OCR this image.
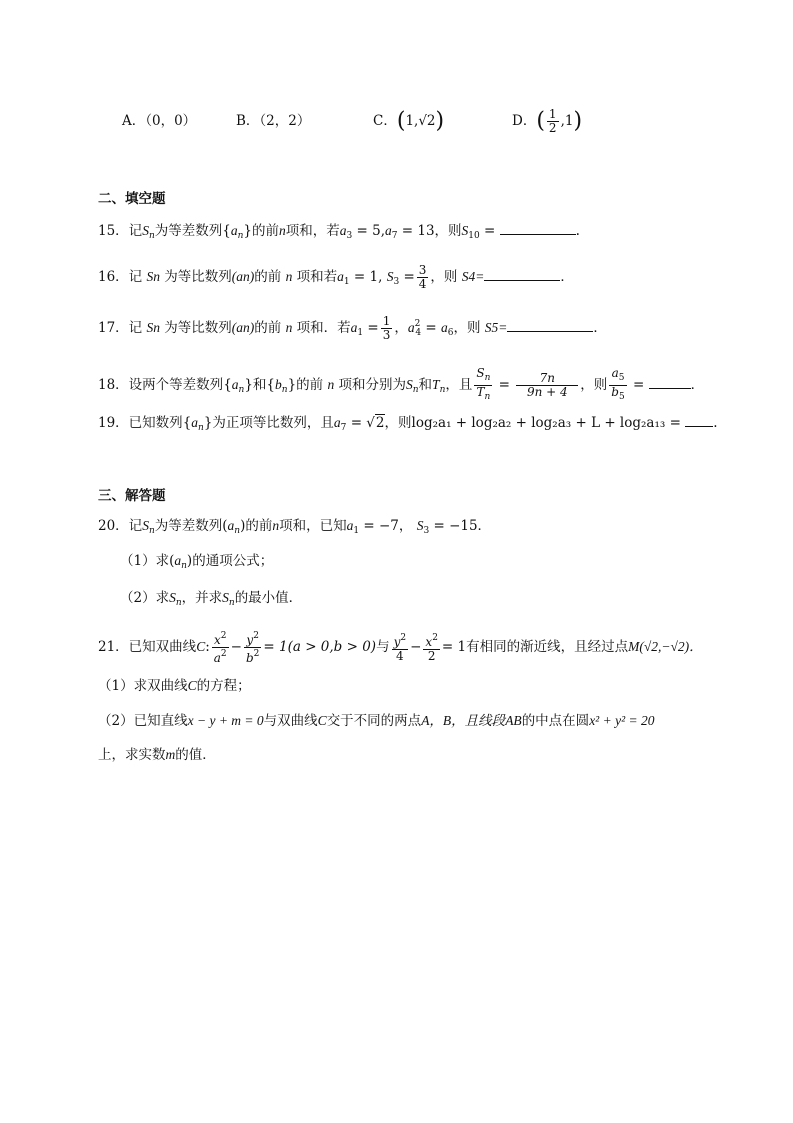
A．（0，0）	B．（2，2）	C．(1,√2)	D．( $\frac{1}{2} ,1$)
二、填空题
15．记$S_n$为等差数列$\{a_n\}$的前n项和，若$a_3 = 5,a_7 = 13$，则$S_{10}$ =	.
16．记 Sn 为等比数列(an)的前 n 项和若$a_1 = 1$, $S_3 = \frac{3}{4}$ ，则 S4=	．
17．记 Sn 为等比数列(an)的前 n 项和．若$a_1 = \frac{1}{3}$ ，$a^2_4 = a_6$，则 S5=	．
18．设两个等差数列$\{a_n\}$和$\{b_n\}$的前 n 项和分别为$S_n$和$T_n$，且 $\frac{S_n}{T_n} = \frac{7n}{9n + 4}$ ，则 $\frac{a_5}{b_5}$ =	．
19．已知数列$\{a_n\}$为正项等比数列，且$a_7 = √2$，则log₂a₁ + log₂a₂ + log₂a₃ + L + log₂a₁₃ = .
三、解答题
20．记$S_n$为等差数列$(a_n)$的前n项和，已知$a_1 = -7$， $S_3 = -15$．
（1）求$(a_n)$的通项公式；
（2）求$S_n$，并求$S_n$的最小值．
21．已知双曲线C: $\frac{x^2}{a^2} - \frac{y^2}{b^2} = 1(a > 0,b > 0)$与 $\frac{y^2}{4} - \frac{x^2}{2} = 1$有相同的渐近线，且经过点M(√2,−√2)．
（1）求双曲线C的方程；
（2）已知直线x − y + m = 0与双曲线C交于不同的两点A，B，且线段AB的中点在圆x² + y² = 20
上，求实数m的值．
